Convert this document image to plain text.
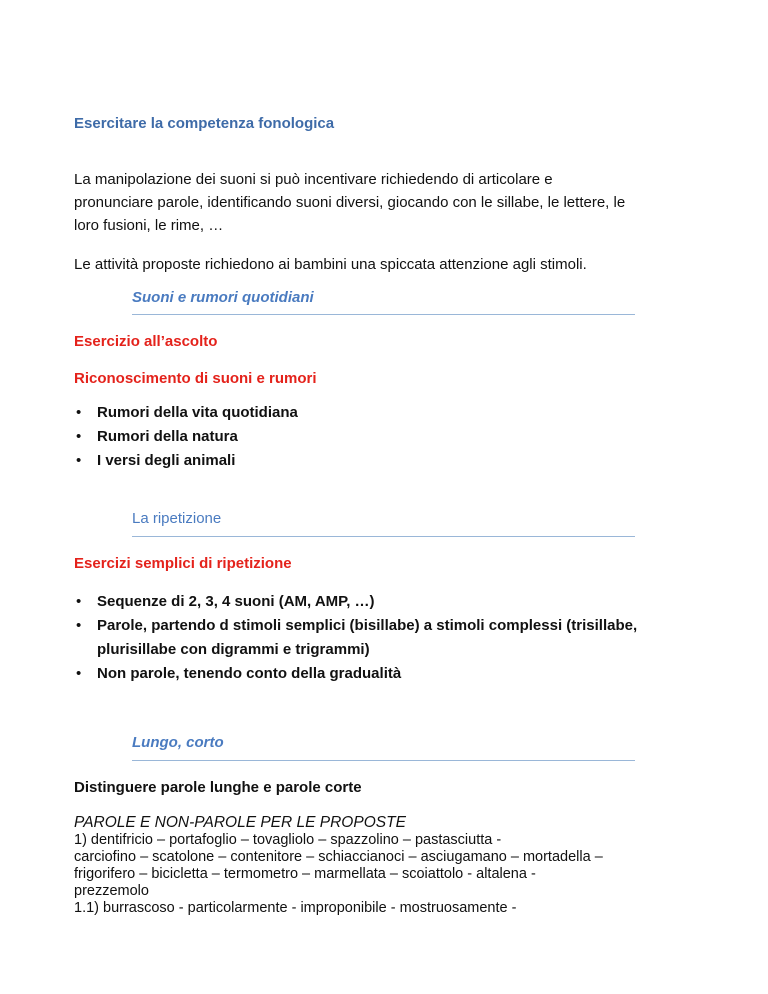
Esercitare la competenza fonologica
La manipolazione dei suoni si può incentivare richiedendo di articolare e
pronunciare parole, identificando suoni diversi, giocando con le sillabe, le lettere, le
loro fusioni, le rime, …
Le attività proposte richiedono ai bambini una spiccata attenzione agli stimoli.
Suoni e rumori quotidiani
Esercizio all’ascolto
Riconoscimento di suoni e rumori
• Rumori della vita quotidiana
• Rumori della natura
• I versi degli animali
La ripetizione
Esercizi semplici di ripetizione
• Sequenze di 2, 3, 4 suoni (AM, AMP, …)
• Parole, partendo d stimoli semplici (bisillabe) a stimoli complessi (trisillabe,
plurisillabe con digrammi e trigrammi)
• Non parole, tenendo conto della gradualità
Lungo, corto
Distinguere parole lunghe e parole corte
PAROLE E NON-PAROLE PER LE PROPOSTE
1) dentifricio – portafoglio – tovagliolo – spazzolino – pastasciutta -
carciofino – scatolone – contenitore – schiaccianoci – asciugamano – mortadella –
frigorifero – bicicletta – termometro – marmellata – scoiattolo - altalena -
prezzemolo
1.1) burrascoso - particolarmente - improponibile - mostruosamente -
